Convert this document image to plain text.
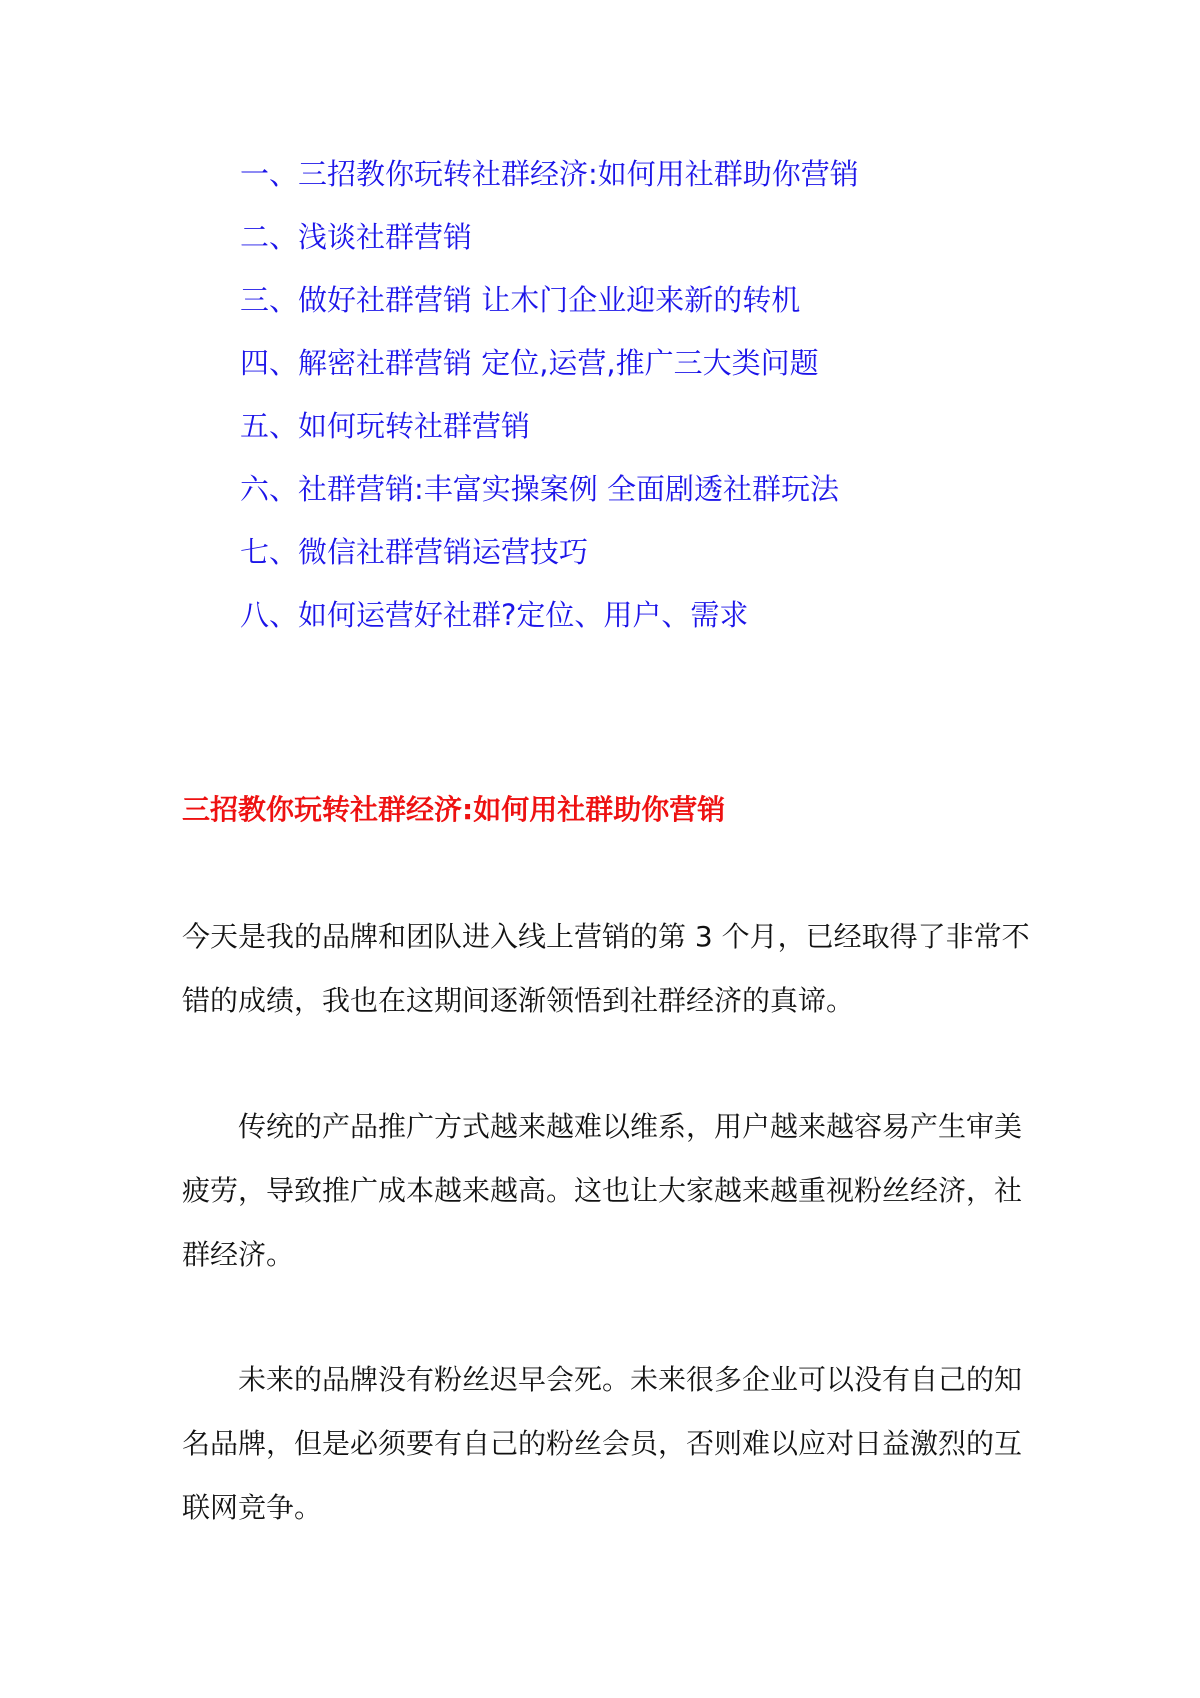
一、三招教你玩转社群经济:如何用社群助你营销
二、浅谈社群营销
三、做好社群营销 让木门企业迎来新的转机
四、解密社群营销 定位,运营,推广三大类问题
五、如何玩转社群营销
六、社群营销:丰富实操案例 全面剧透社群玩法
七、微信社群营销运营技巧
八、如何运营好社群?定位、用户、需求
三招教你玩转社群经济:如何用社群助你营销

今天是我的品牌和团队进入线上营销的第 3 个月，已经取得了非常不错的成绩，我也在这期间逐渐领悟到社群经济的真谛。

传统的产品推广方式越来越难以维系，用户越来越容易产生审美疲劳，导致推广成本越来越高。这也让大家越来越重视粉丝经济，社群经济。

未来的品牌没有粉丝迟早会死。未来很多企业可以没有自己的知名品牌，但是必须要有自己的粉丝会员，否则难以应对日益激烈的互联网竞争。
